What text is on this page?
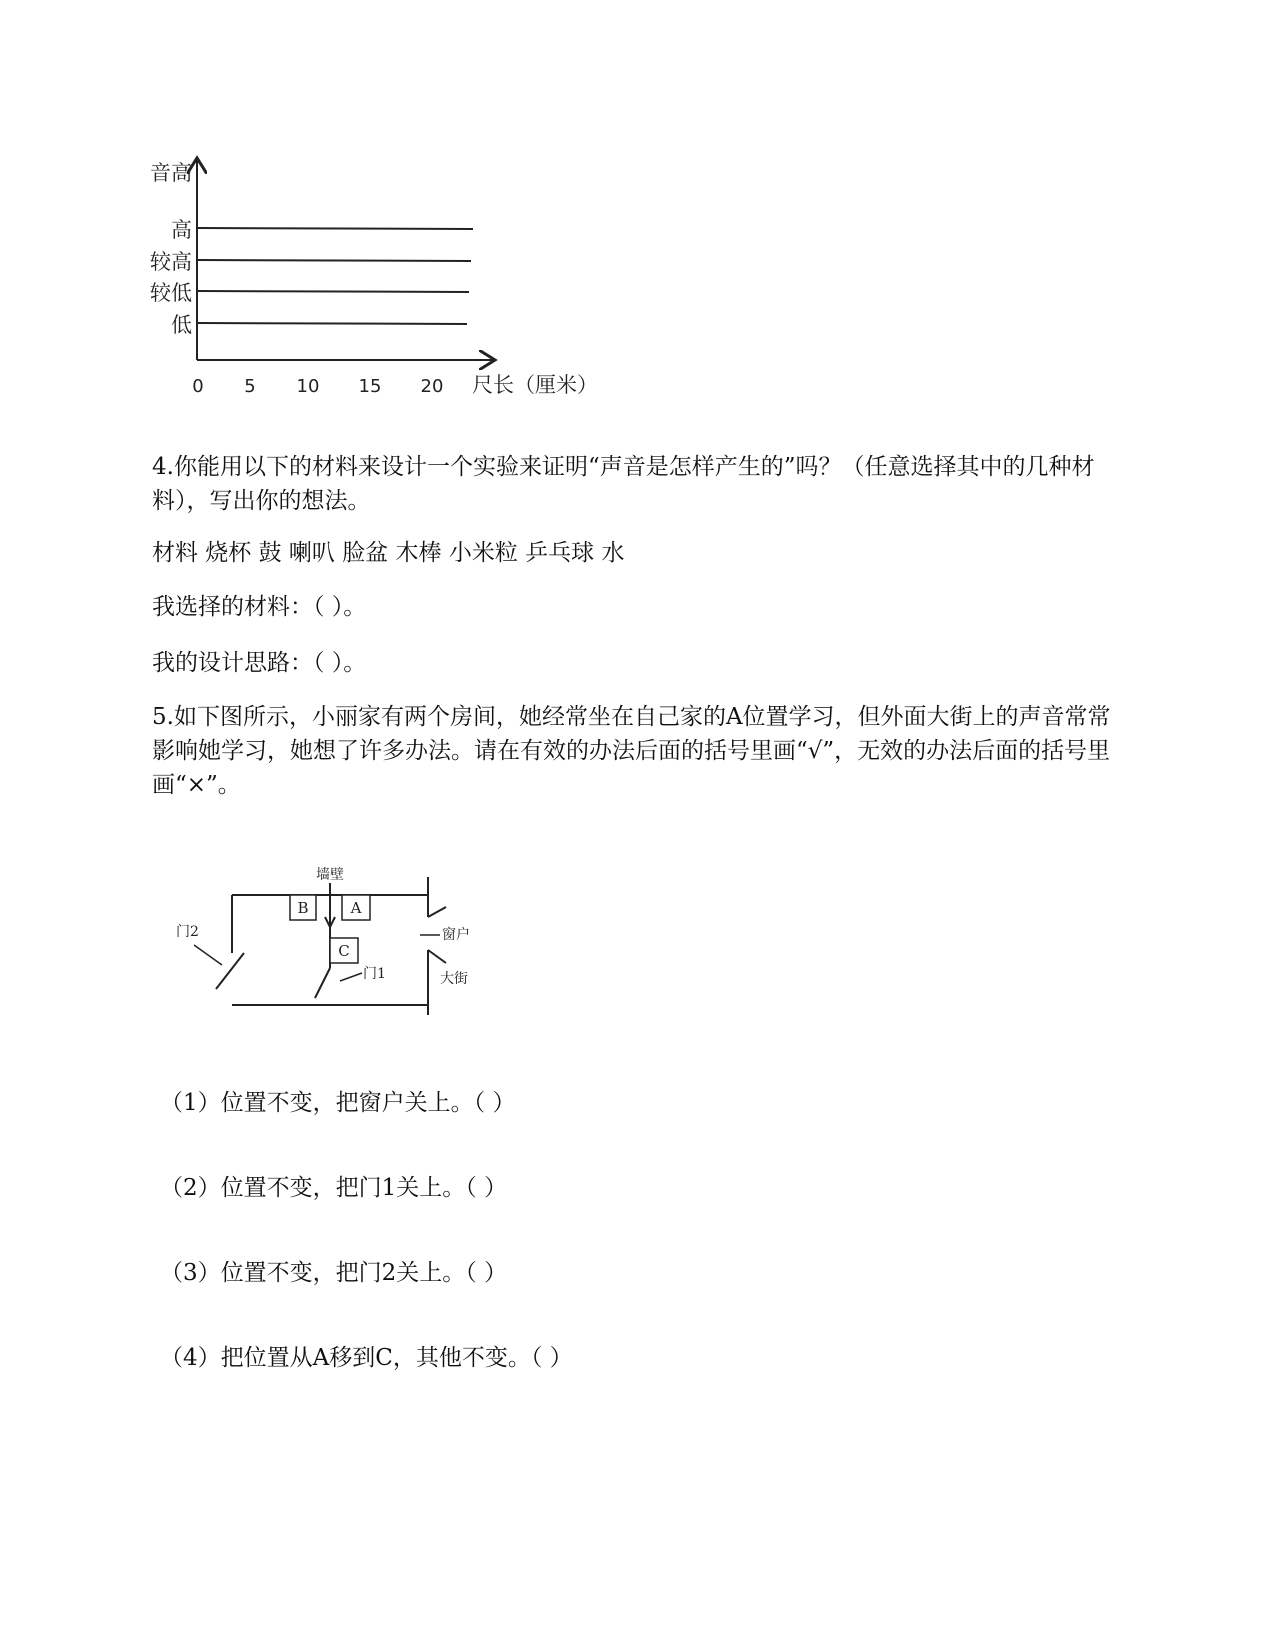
音高
高
较高
较低
低
0 5 10 15 20 尺长（厘米）
4.你能用以下的材料来设计一个实验来证明“声音是怎样产生的”吗？（任意选择其中的几种材料），写出你的想法。
材料 烧杯 鼓 喇叭 脸盆 木棒 小米粒 乒乓球 水
我选择的材料：（ ）。
我的设计思路：（ ）。
5.如下图所示，小丽家有两个房间，她经常坐在自己家的A位置学习，但外面大街上的声音常常影响她学习，她想了许多办法。请在有效的办法后面的括号里画“√”，无效的办法后面的括号里画“×”。
B	A
C
墙壁
门2
门1
窗户
大街
（1）位置不变，把窗户关上。（ ）
（2）位置不变，把门1关上。（ ）
（3）位置不变，把门2关上。（ ）
（4）把位置从A移到C，其他不变。（ ）
